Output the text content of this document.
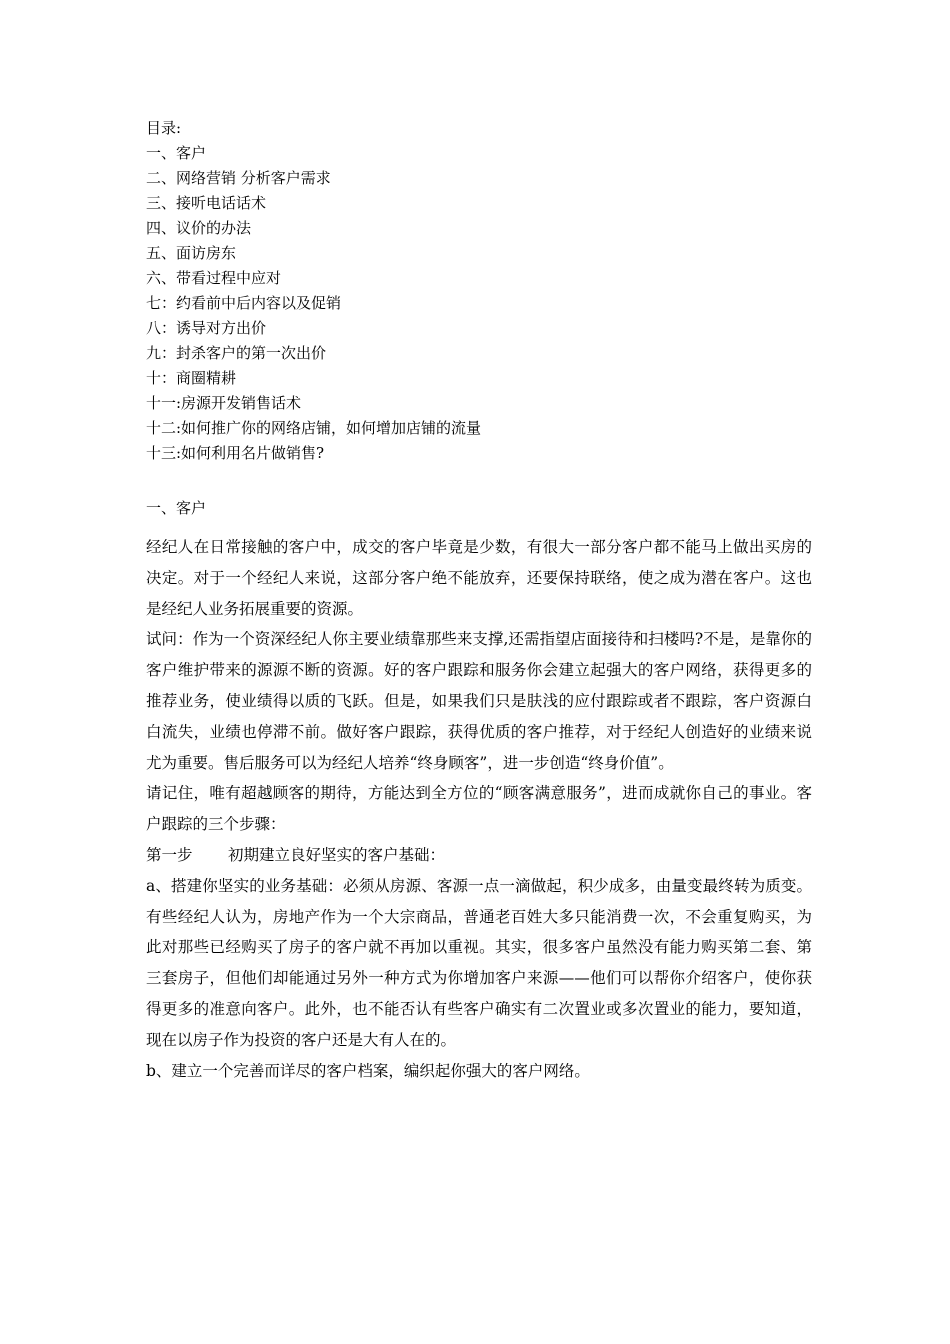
目录:
一、客户
二、网络营销 分析客户需求
三、接听电话话术
四、议价的办法
五、面访房东
六、带看过程中应对
七：约看前中后内容以及促销
八：诱导对方出价
九：封杀客户的第一次出价
十：商圈精耕
十一:房源开发销售话术
十二:如何推广你的网络店铺，如何增加店铺的流量
十三:如何利用名片做销售?
一、客户

经纪人在日常接触的客户中，成交的客户毕竟是少数，有很大一部分客户都不能马上做出买房的决定。对于一个经纪人来说，这部分客户绝不能放弃，还要保持联络，使之成为潜在客户。这也是经纪人业务拓展重要的资源。

试问：作为一个资深经纪人你主要业绩靠那些来支撑,还需指望店面接待和扫楼吗?不是，是靠你的客户维护带来的源源不断的资源。好的客户跟踪和服务你会建立起强大的客户网络，获得更多的推荐业务，使业绩得以质的飞跃。但是，如果我们只是肤浅的应付跟踪或者不跟踪，客户资源白白流失，业绩也停滞不前。做好客户跟踪，获得优质的客户推荐，对于经纪人创造好的业绩来说尤为重要。售后服务可以为经纪人培养“终身顾客”，进一步创造“终身价值”。

请记住，唯有超越顾客的期待，方能达到全方位的“顾客满意服务”，进而成就你自己的事业。客户跟踪的三个步骤：

第一步 初期建立良好坚实的客户基础：

a、搭建你坚实的业务基础：必须从房源、客源一点一滴做起，积少成多，由量变最终转为质变。有些经纪人认为，房地产作为一个大宗商品，普通老百姓大多只能消费一次，不会重复购买，为此对那些已经购买了房子的客户就不再加以重视。其实，很多客户虽然没有能力购买第二套、第三套房子，但他们却能通过另外一种方式为你增加客户来源——他们可以帮你介绍客户，使你获得更多的准意向客户。此外，也不能否认有些客户确实有二次置业或多次置业的能力，要知道，现在以房子作为投资的客户还是大有人在的。

b、建立一个完善而详尽的客户档案，编织起你强大的客户网络。
